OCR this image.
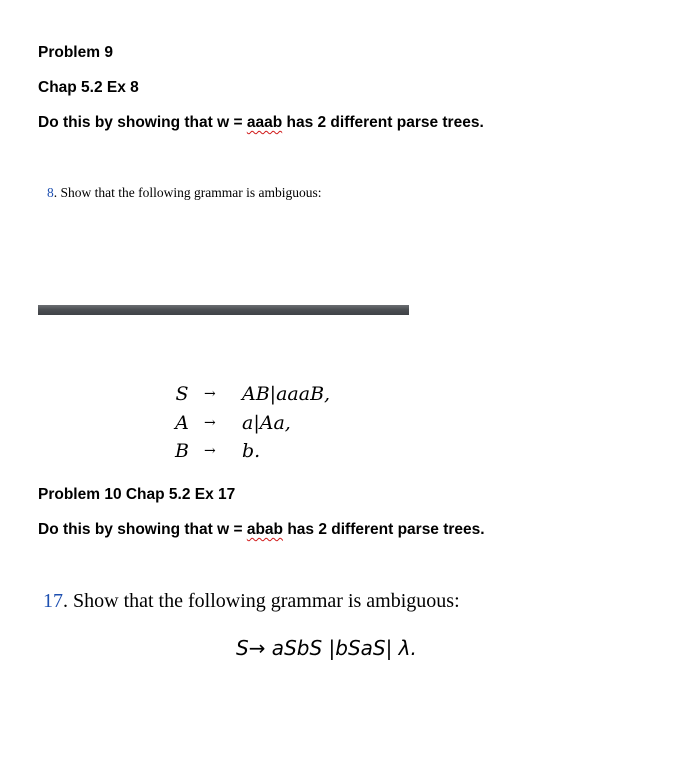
Problem 9
Chap 5.2 Ex 8
Do this by showing that w = aaab has 2 different parse trees.
8. Show that the following grammar is ambiguous:
S → AB|aaaB,
A → a|Aa,
B → b.
Problem 10 Chap 5.2 Ex 17
Do this by showing that w = abab has 2 different parse trees.
17. Show that the following grammar is ambiguous:
S→ aSbS |bSaS| λ.
